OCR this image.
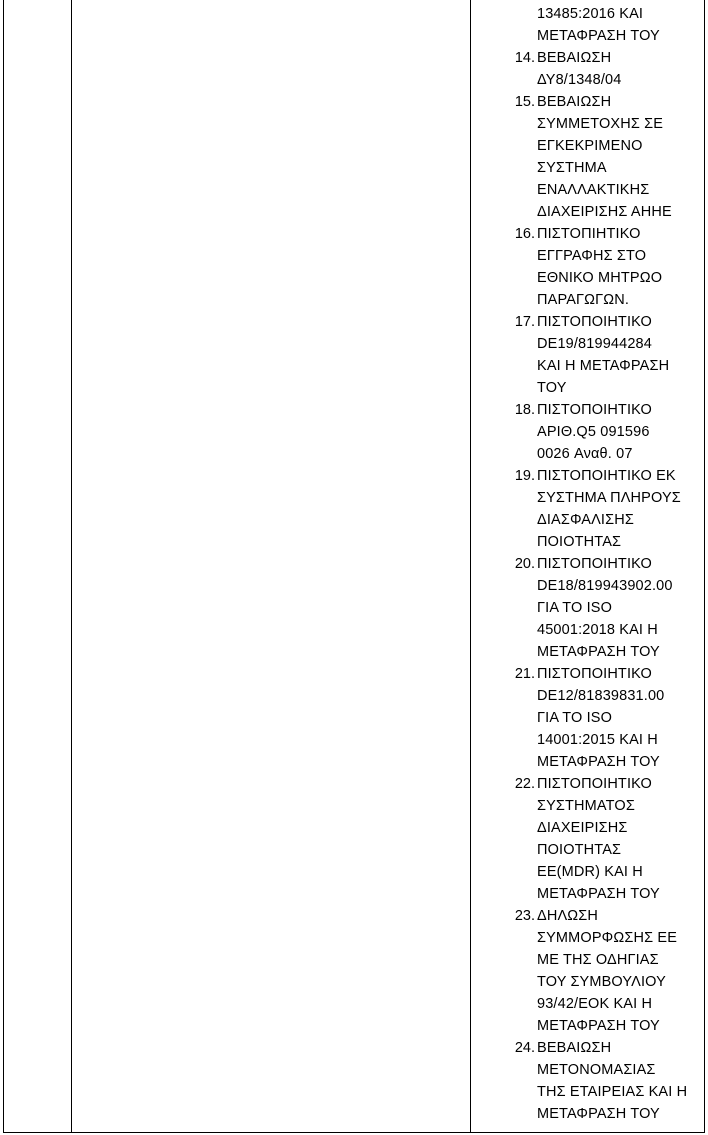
13485:2016 ΚΑΙ
ΜΕΤΑΦΡΑΣΗ ΤΟΥ
14. ΒΕΒΑΙΩΣΗ
ΔΥ8/1348/04
15. ΒΕΒΑΙΩΣΗ
ΣΥΜΜΕΤΟΧΗΣ ΣΕ
ΕΓΚΕΚΡΙΜΕΝΟ
ΣΥΣΤΗΜΑ
ΕΝΑΛΛΑΚΤΙΚΗΣ
ΔΙΑΧΕΙΡΙΣΗΣ ΑΗΗΕ
16. ΠΙΣΤΟΠΙΗΤΙΚΟ
ΕΓΓΡΑΦΗΣ ΣΤΟ
ΕΘΝΙΚΟ ΜΗΤΡΩΟ
ΠΑΡΑΓΩΓΩΝ.
17. ΠΙΣΤΟΠΟΙΗΤΙΚΟ
DE19/819944284
ΚΑΙ Η ΜΕΤΑΦΡΑΣΗ
ΤΟΥ
18. ΠΙΣΤΟΠΟΙΗΤΙΚΟ
ΑΡΙΘ.Q5 091596
0026 Αναθ. 07
19. ΠΙΣΤΟΠΟΙΗΤΙΚΟ ΕΚ
ΣΥΣΤΗΜΑ ΠΛΗΡΟΥΣ
ΔΙΑΣΦΑΛΙΣΗΣ
ΠΟΙΟΤΗΤΑΣ
20. ΠΙΣΤΟΠΟΙΗΤΙΚΟ
DE18/819943902.00
ΓΙΑ ΤΟ ISO
45001:2018 ΚΑΙ Η
ΜΕΤΑΦΡΑΣΗ ΤΟΥ
21. ΠΙΣΤΟΠΟΙΗΤΙΚΟ
DE12/81839831.00
ΓΙΑ ΤΟ ISO
14001:2015 ΚΑΙ Η
ΜΕΤΑΦΡΑΣΗ ΤΟΥ
22. ΠΙΣΤΟΠΟΙΗΤΙΚΟ
ΣΥΣΤΗΜΑΤΟΣ
ΔΙΑΧΕΙΡΙΣΗΣ
ΠΟΙΟΤΗΤΑΣ
EE(MDR) ΚΑΙ Η
ΜΕΤΑΦΡΑΣΗ ΤΟΥ
23. ΔΗΛΩΣΗ
ΣΥΜΜΟΡΦΩΣΗΣ ΕΕ
ΜΕ ΤΗΣ ΟΔΗΓΙΑΣ
ΤΟΥ ΣΥΜΒΟΥΛΙΟΥ
93/42/ΕΟΚ ΚΑΙ Η
ΜΕΤΑΦΡΑΣΗ ΤΟΥ
24. ΒΕΒΑΙΩΣΗ
ΜΕΤΟΝΟΜΑΣΙΑΣ
ΤΗΣ ΕΤΑΙΡΕΙΑΣ ΚΑΙ Η
ΜΕΤΑΦΡΑΣΗ ΤΟΥ
